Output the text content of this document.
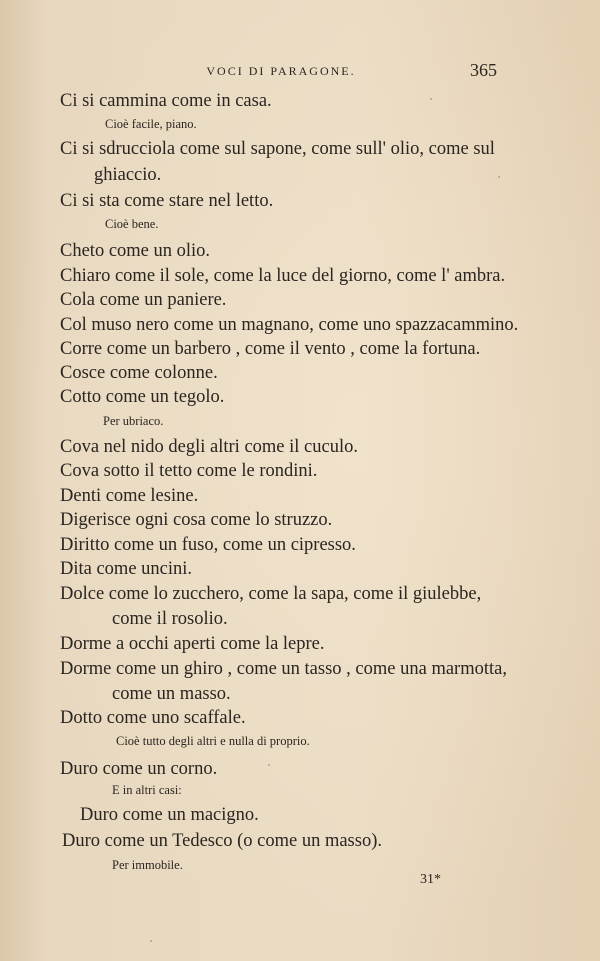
VOCI DI PARAGONE.	365
Ci si cammina come in casa.
Cioè facile, piano.
Ci si sdrucciola come sul sapone, come sull' olio, come sul
ghiaccio.
Ci si sta come stare nel letto.
Cioè bene.
Cheto come un olio.
Chiaro come il sole, come la luce del giorno, come l' ambra.
Cola come un paniere.
Col muso nero come un magnano, come uno spazzacammino.
Corre come un barbero , come il vento , come la fortuna.
Cosce come colonne.
Cotto come un tegolo.
Per ubriaco.
Cova nel nido degli altri come il cuculo.
Cova sotto il tetto come le rondini.
Denti come lesine.
Digerisce ogni cosa come lo struzzo.
Diritto come un fuso, come un cipresso.
Dita come uncini.
Dolce come lo zucchero, come la sapa, come il giulebbe,
come il rosolio.
Dorme a occhi aperti come la lepre.
Dorme come un ghiro , come un tasso , come una marmotta,
come un masso.
Dotto come uno scaffale.
Cioè tutto degli altri e nulla di proprio.
Duro come un corno.
E in altri casi:
Duro come un macigno.
Duro come un Tedesco (o come un masso).
Per immobile.
31*
